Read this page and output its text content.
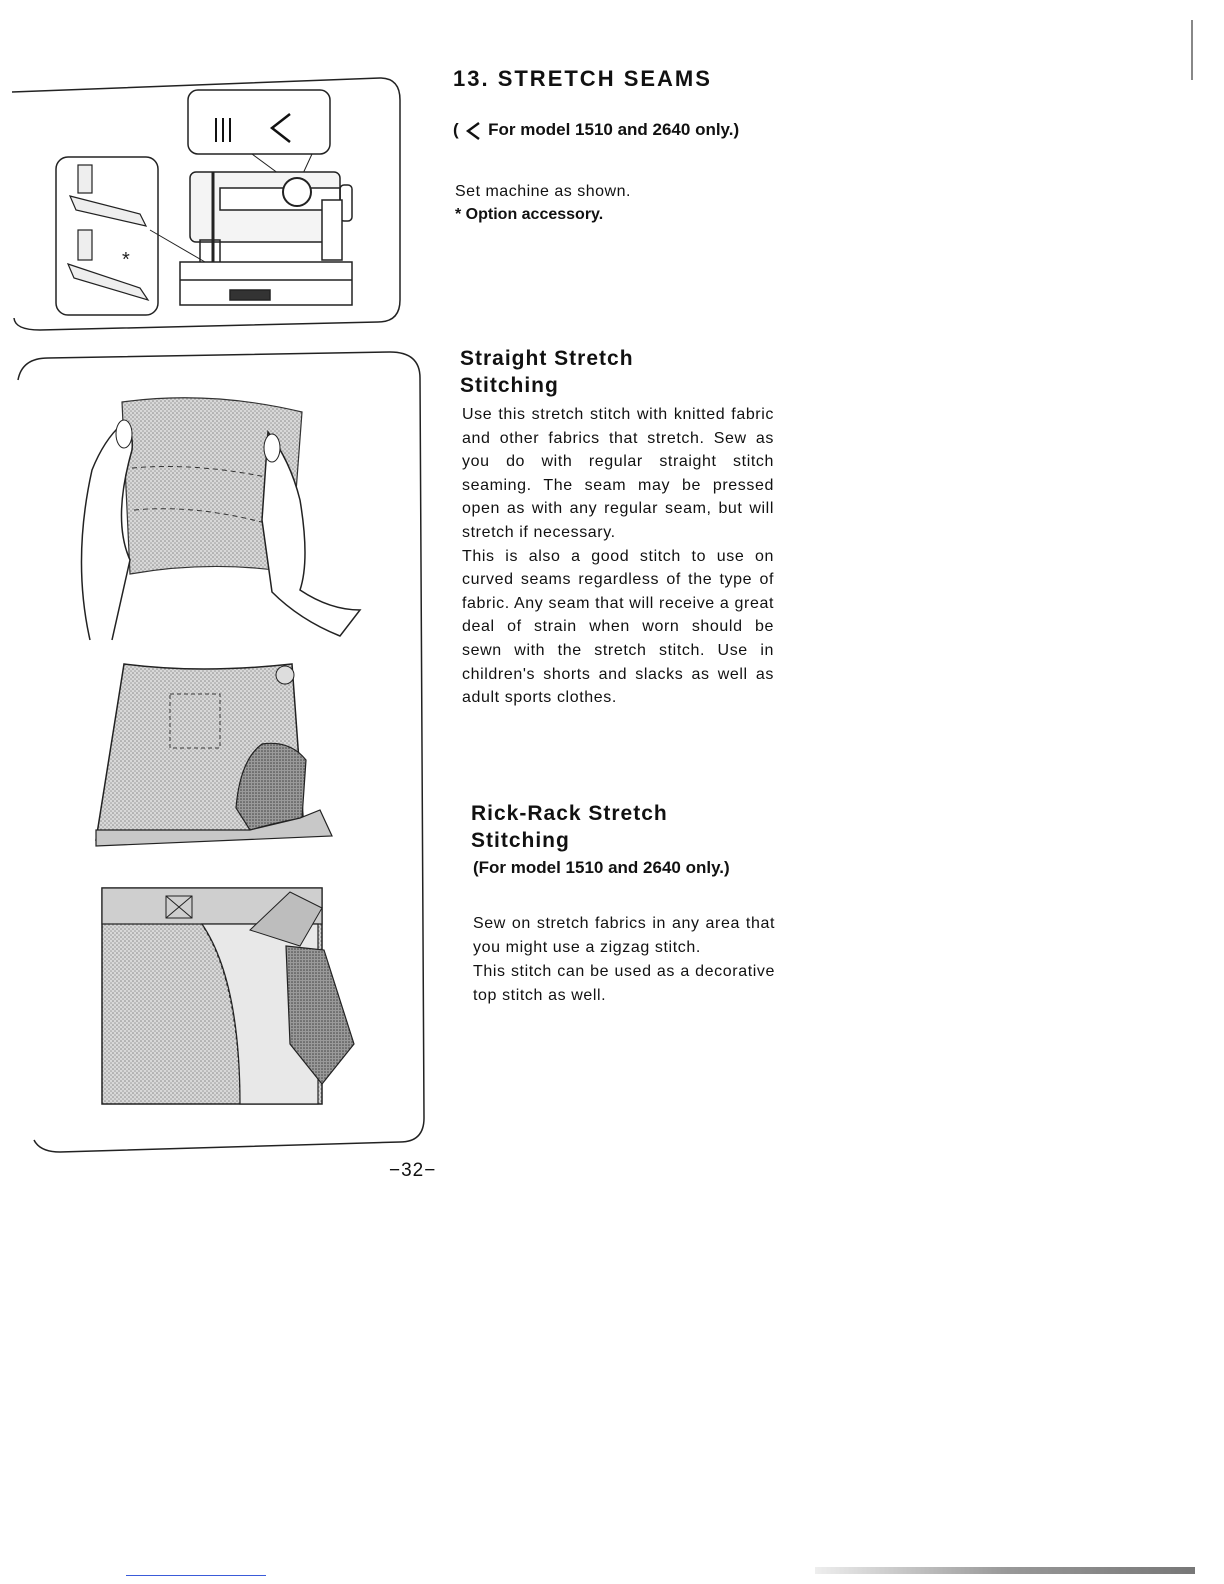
*
13. STRETCH SEAMS
( For model 1510 and 2640 only.)
Set machine as shown.
* Option accessory.
Straight Stretch Stitching

Use this stretch stitch with knitted fabric and other fabrics that stretch. Sew as you do with regular straight stitch seaming. The seam may be pressed open as with any regular seam, but will stretch if necessary.

This is also a good stitch to use on curved seams regardless of the type of fabric. Any seam that will receive a great deal of strain when worn should be sewn with the stretch stitch. Use in children's shorts and slacks as well as adult sports clothes.

Rick-Rack Stretch Stitching
(For model 1510 and 2640 only.)

Sew on stretch fabrics in any area that you might use a zigzag stitch.

This stitch can be used as a decorative top stitch as well.

−32−
